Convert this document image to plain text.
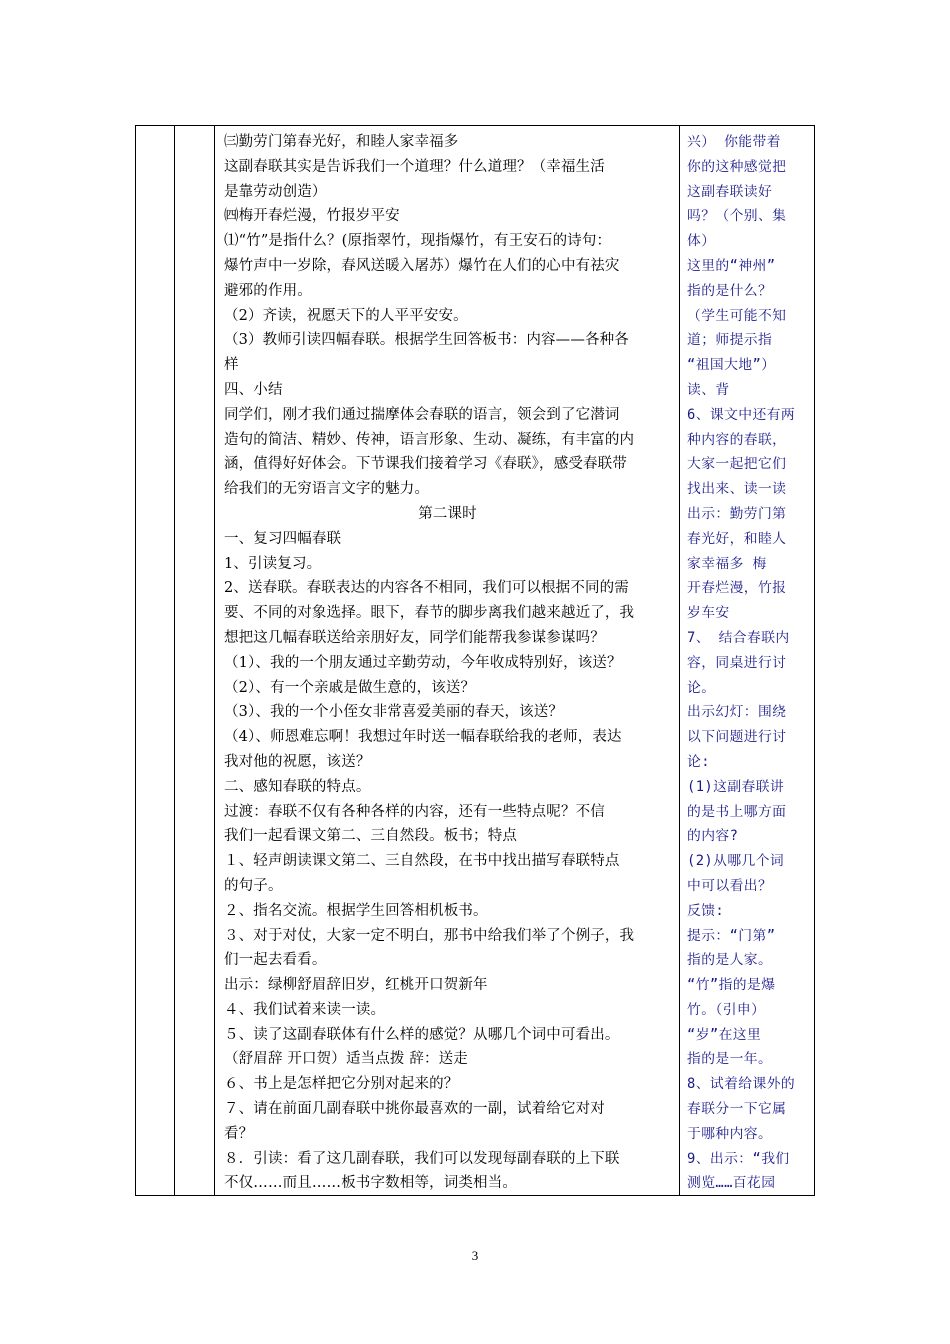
㈢勤劳门第春光好，和睦人家幸福多
这副春联其实是告诉我们一个道理？什么道理？（幸福生活
是靠劳动创造）
㈣梅开春烂漫，竹报岁平安
⑴“竹”是指什么？(原指翠竹，现指爆竹，有王安石的诗句：
爆竹声中一岁除，春风送暖入屠苏）爆竹在人们的心中有祛灾
避邪的作用。
（2）齐读，祝愿天下的人平平安安。
（3）教师引读四幅春联。根据学生回答板书：内容——各种各
样
四、小结
同学们，刚才我们通过揣摩体会春联的语言，领会到了它潜词
造句的简洁、精妙、传神，语言形象、生动、凝练，有丰富的内
涵，值得好好体会。下节课我们接着学习《春联》，感受春联带
给我们的无穷语言文字的魅力。
第二课时
一、复习四幅春联
1、引读复习。
2、送春联。春联表达的内容各不相同，我们可以根据不同的需
要、不同的对象选择。眼下，春节的脚步离我们越来越近了，我
想把这几幅春联送给亲朋好友，同学们能帮我参谋参谋吗？
（1）、我的一个朋友通过辛勤劳动，今年收成特别好，该送？
（2）、有一个亲戚是做生意的，该送？
（3）、我的一个小侄女非常喜爱美丽的春天，该送？
（4）、师恩难忘啊！我想过年时送一幅春联给我的老师，表达
我对他的祝愿，该送？
二、感知春联的特点。
过渡：春联不仅有各种各样的内容，还有一些特点呢？不信
我们一起看课文第二、三自然段。板书；特点
１、轻声朗读课文第二、三自然段，在书中找出描写春联特点
的句子。
２、指名交流。根据学生回答相机板书。
３、对于对仗，大家一定不明白，那书中给我们举了个例子，我
们一起去看看。
出示：绿柳舒眉辞旧岁，红桃开口贺新年
４、我们试着来读一读。
５、读了这副春联体有什么样的感觉？从哪几个词中可看出。
（舒眉辞 开口贺）适当点拨 辞：送走
６、书上是怎样把它分别对起来的？
７、请在前面几副春联中挑你最喜欢的一副，试着给它对对
看？
８．引读：看了这几副春联，我们可以发现每副春联的上下联
不仅……而且……板书字数相等，词类相当。
兴） 你能带着
你的这种感觉把
这副春联读好
吗？（个别、集
体）
这里的“神州”
指的是什么？
（学生可能不知
道；师提示指
“祖国大地”）
读、背
6、课文中还有两
种内容的春联，
大家一起把它们
找出来、读一读
出示：勤劳门第
春光好，和睦人
家幸福多 梅
开春烂漫，竹报
岁车安
7、 结合春联内
容，同桌进行讨
论。
出示幻灯：围绕
以下问题进行讨
论:
(1)这副春联讲
的是书上哪方面
的内容?
(2)从哪几个词
中可以看出？
反馈:
提示：“门第”
指的是人家。
“竹”指的是爆
竹。（引申）
“岁”在这里
指的是一年。
8、试着给课外的
春联分一下它属
于哪种内容。
9、出示：“我们
测览……百花园
3
